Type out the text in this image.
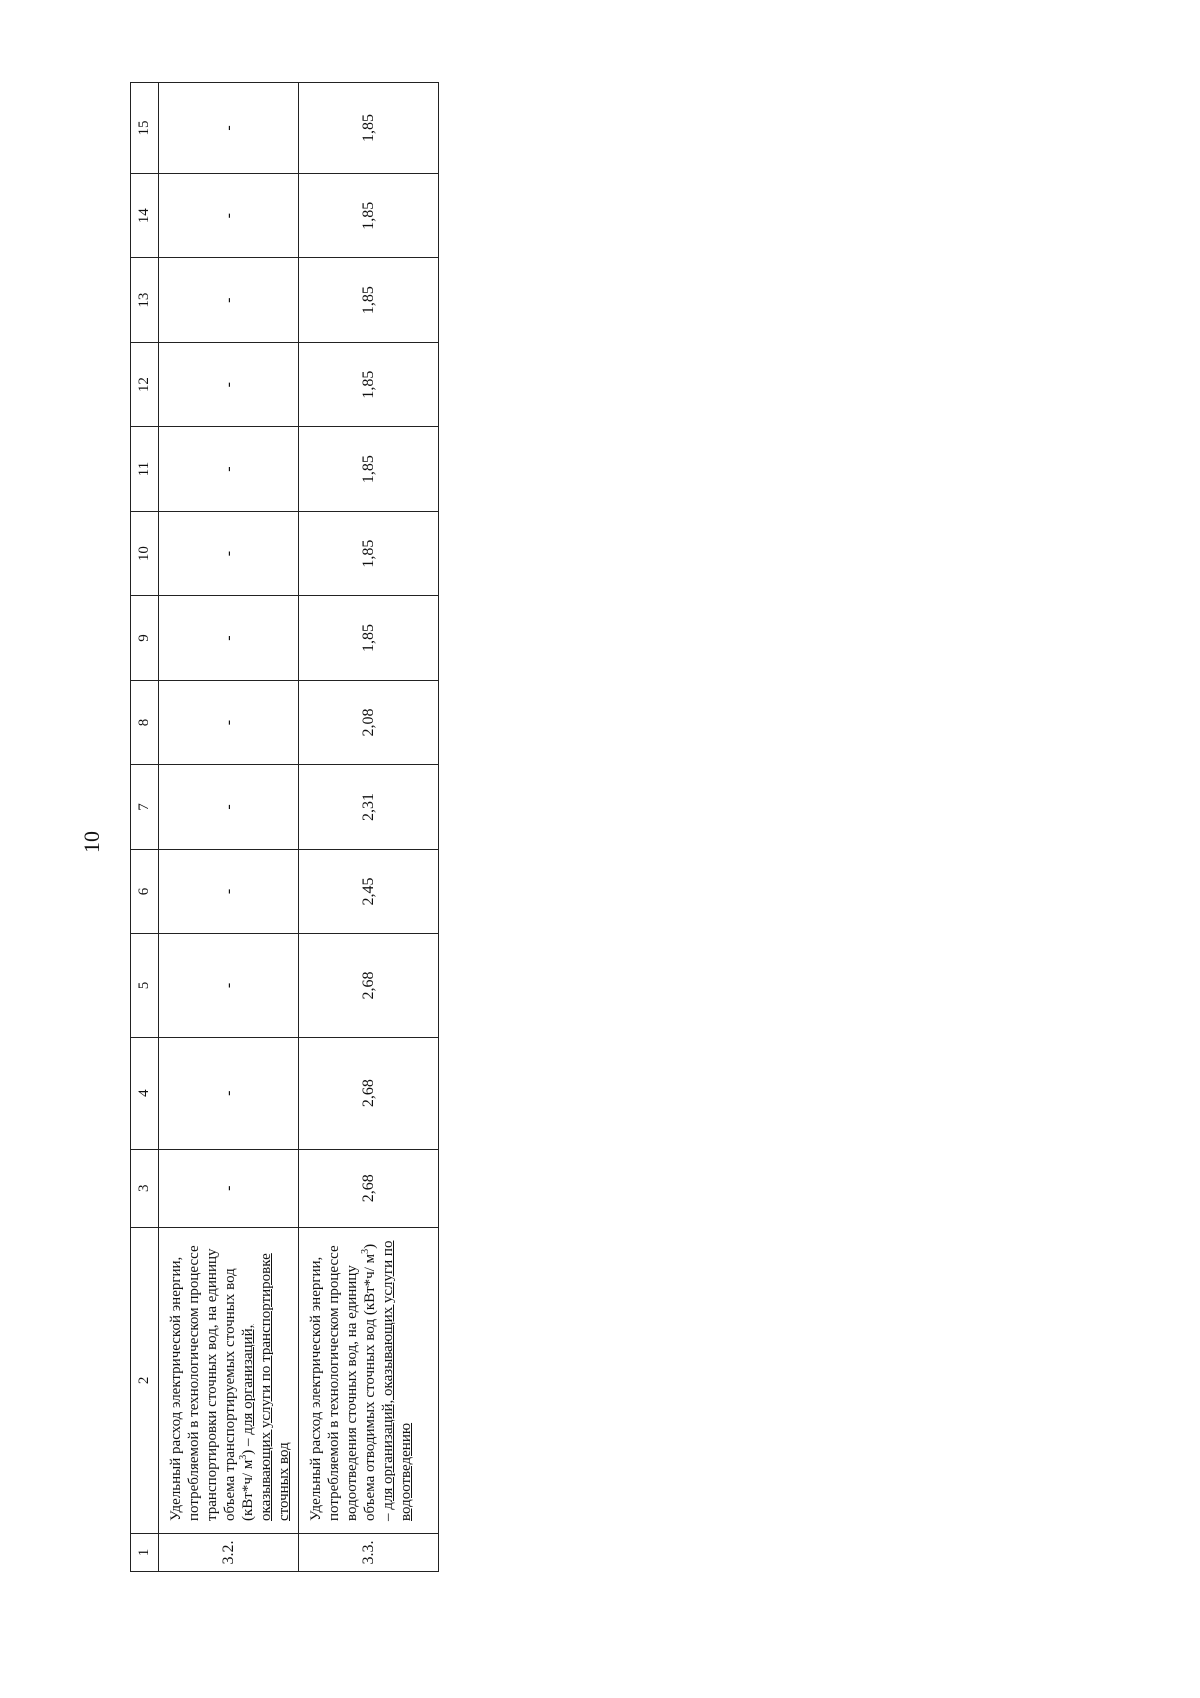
10
1	2	3	4	5	6	7	8	9	10	11	12	13	14	15
3.2.	Удельный расход электрической энергии, потребляемой в технологическом процессе транспортировки сточных вод, на единицу объема транспортируемых сточных вод (кВт*ч/ $м^3$) – для организаций, оказывающих услуги по транспортировке сточных вод	-	-	-	-	-	-	-	-	-	-	-	-	-
3.3.	Удельный расход электрической энергии, потребляемой в технологическом процессе водоотведения сточных вод, на единицу объема отводимых сточных вод (кВт*ч/ $м^3$) – для организаций, оказывающих услуги по водоотведению	2,68	2,68	2,68	2,45	2,31	2,08	1,85	1,85	1,85	1,85	1,85	1,85	1,85
